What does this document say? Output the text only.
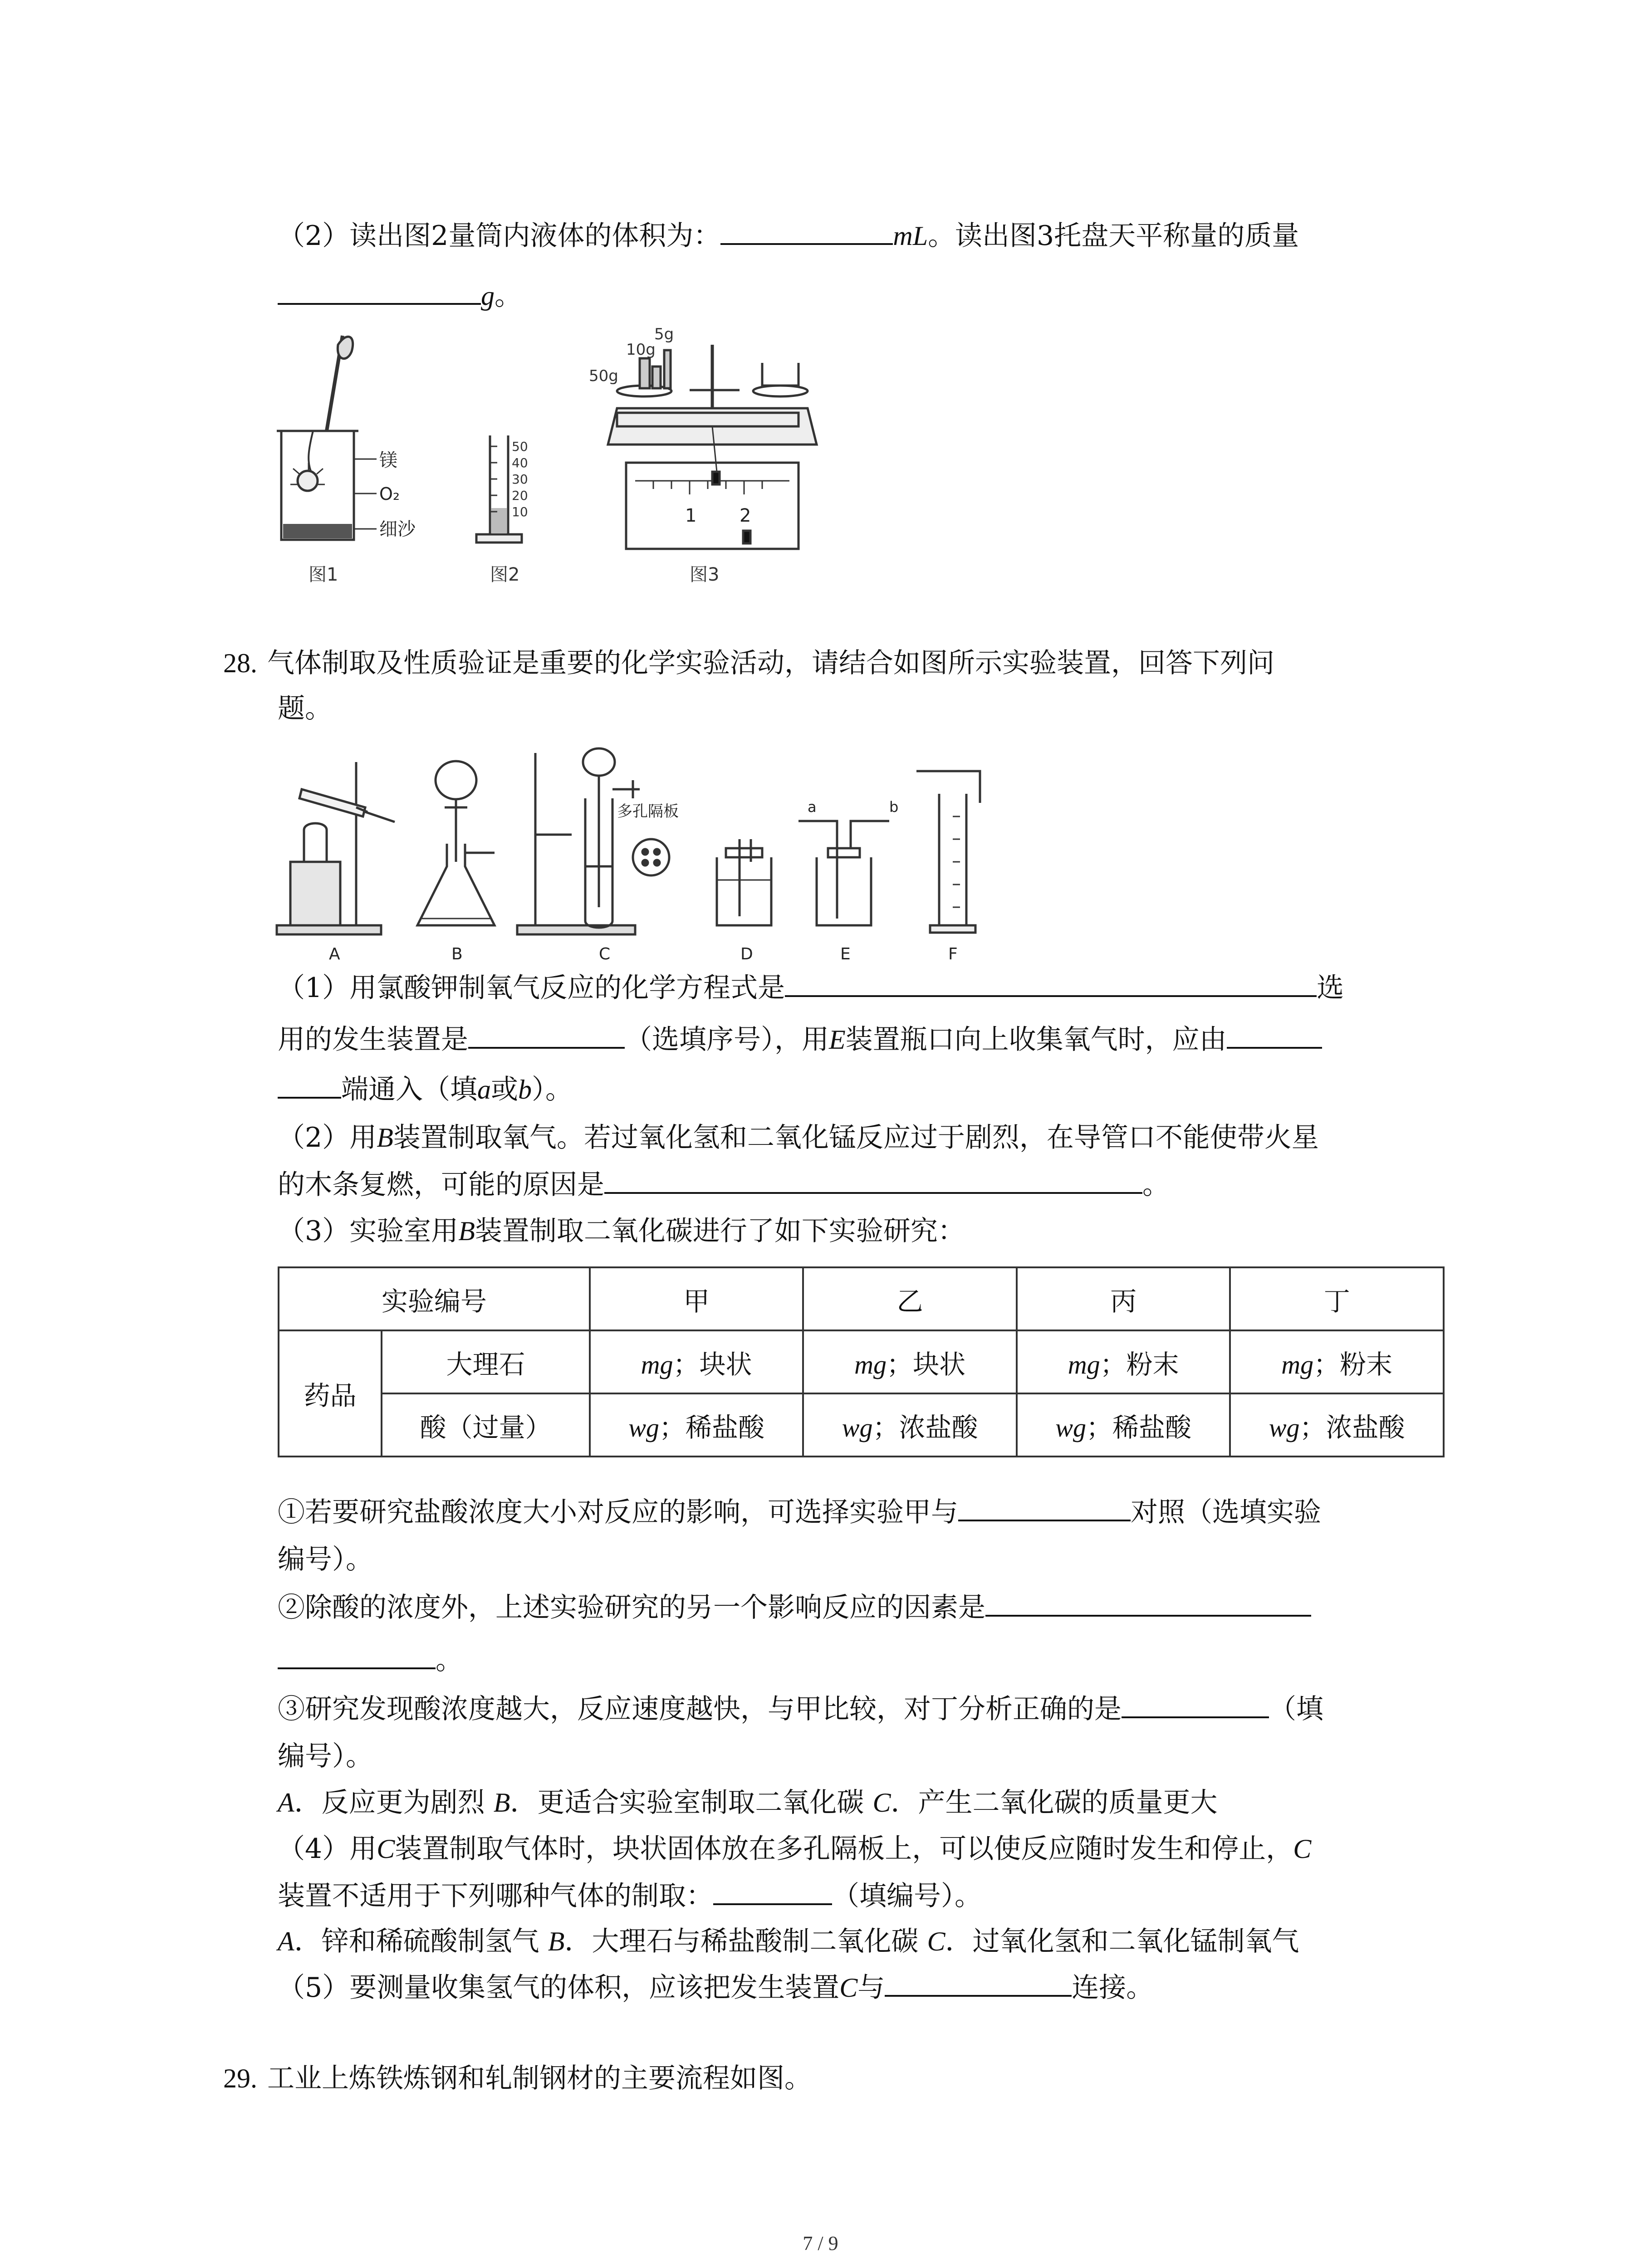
（2）读出图2量筒内液体的体积为：	mL。读出图3托盘天平称量的质量
g。
镁
O₂
细沙
图1
50
40
30
20
10
图2
5g
10g
50g
1 2
图3
28. 气体制取及性质验证是重要的化学实验活动，请结合如图所示实验装置，回答下列问
题。
多孔隔板	a	b
A	B	C	D	E	F
（1）用氯酸钾制氧气反应的化学方程式是	选
用的发生装置是	（选填序号），用E装置瓶口向上收集氧气时，应由
端通入（填a或b）。
（2）用B装置制取氧气。若过氧化氢和二氧化锰反应过于剧烈，在导管口不能使带火星
的木条复燃，可能的原因是	。
（3）实验室用B装置制取二氧化碳进行了如下实验研究：
实验编号		甲	乙	丙	丁
药品	大理石	mg；块状	mg；块状	mg；粉末	mg；粉末
	酸（过量）	wg；稀盐酸	wg；浓盐酸	wg；稀盐酸	wg；浓盐酸
①若要研究盐酸浓度大小对反应的影响，可选择实验甲与	对照（选填实验
编号）。
②除酸的浓度外，上述实验研究的另一个影响反应的因素是
。
③研究发现酸浓度越大，反应速度越快，与甲比较，对丁分析正确的是	（填
编号）。
A．反应更为剧烈 B．更适合实验室制取二氧化碳 C．产生二氧化碳的质量更大
（4）用C装置制取气体时，块状固体放在多孔隔板上，可以使反应随时发生和停止，C
装置不适用于下列哪种气体的制取：	（填编号）。
A．锌和稀硫酸制氢气 B．大理石与稀盐酸制二氧化碳 C．过氧化氢和二氧化锰制氧气
（5）要测量收集氢气的体积，应该把发生装置C与	连接。
29. 工业上炼铁炼钢和轧制钢材的主要流程如图。
7 / 9
